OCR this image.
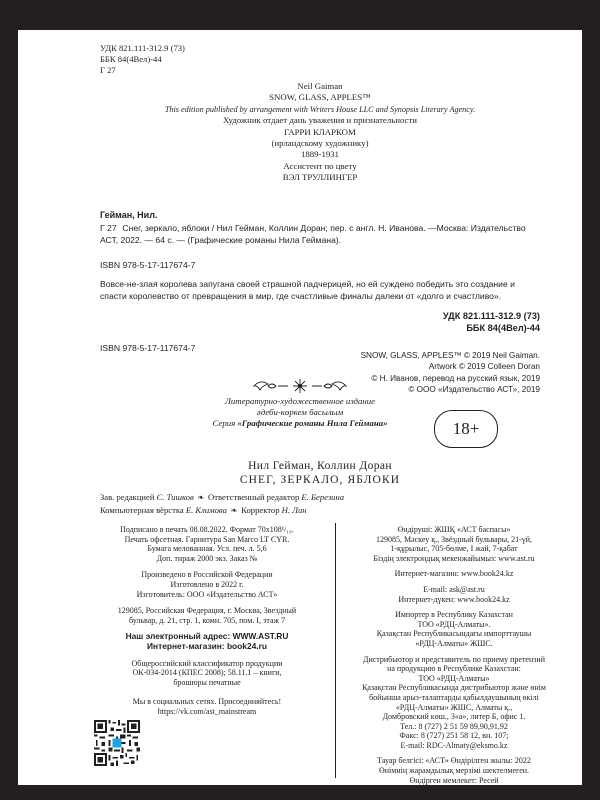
УДК 821.111-312.9 (73)
ББК 84(4Вел)-44
Г 27
Neil Gaiman
SNOW, GLASS, APPLES™
This edition published by arrangement with Writers House LLC and Synopsis Literary Agency.
Художник отдает дань уважения и признательности
ГАРРИ КЛАРКОМ
(ирландскому художнику)
1889-1931
Ассистент по цвету
ВЭЛ ТРУЛЛИНГЕР
Гейман, Нил.
Г 27 Снег, зеркало, яблоки / Нил Гейман, Коллин Доран; пер. с англ. Н. Иванова. —Москва: Издательство АСТ, 2022. — 64 с. — (Графические романы Нила Геймана).
ISBN 978-5-17-117674-7
Вовсе-не-злая королева запугана своей страшной падчерицей, но ей суждено победить это создание и спасти королевство от превращения в мир, где счастливые финалы далеки от «долго и счастливо».
УДК 821.111-312.9 (73)
ББК 84(4Вел)-44
ISBN 978-5-17-117674-7
SNOW, GLASS, APPLES™ © 2019 Neil Gaiman.
Artwork © 2019 Colleen Doran
© Н. Иванов, перевод на русский язык, 2019
© ООО «Издательство АСТ», 2019
Литературно-художественное издание
әдеби-көркем басылым
Серия «Графические романы Нила Геймана»	18+
Нил Гейман, Коллин Доран
СНЕГ, ЗЕРКАЛО, ЯБЛОКИ
Зав. редакцией С. Тишков ❧ Ответственный редактор Е. Березина
Компьютерная вёрстка Е. Климова ❧ Корректор Н. Лин
Подписано в печать 08.08.2022. Формат 70х108¹/₁₆.
Печать офсетная. Гарнитура San Marco LT CYR.
Бумага мелованная. Усл. печ. л. 5,6
Доп. тираж 2000 экз. Заказ №
Произведено в Российской Федерации
Изготовлено в 2022 г.
Изготовитель: ООО «Издательство АСТ»
129085, Российская Федерация, г. Москва, Звездный
бульвар, д. 21, стр. 1, комн. 705, пом. I, этаж 7
Наш электронный адрес: WWW.AST.RU
Интернет-магазин: book24.ru
Общероссийский классификатор продукции
ОК-034-2014 (КПЕС 2008); 58.11.1 – книги,
брошюры печатные
Мы в социальных сетях. Присоединяйтесь!
https://vk.com/ast_mainstream
Өндіруші: ЖШҚ «АСТ баспасы»
129085, Мәскеу қ., Звёздный бульвары, 21-үй,
1-құрылыс, 705-бөлме, I жай, 7-қабат
Біздің электрондық мекенжайымыз: www.ast.ru
Интернет-магазин: www.book24.kz
E-mail: ask@ast.ru
Интернет-дүкен: www.book24.kz
Импортер в Республику Казахстан
ТОО «РДЦ-Алматы».
Қазақстан Республикасындағы импорттаушы
«РДЦ-Алматы» ЖШС.
Дистрибьютор и представитель по приему претензий
на продукцию в Республике Казахстан:
ТОО «РДЦ-Алматы»
Қазақстан Республикасында дистрибьютор және өнім
бойынша арыз-талаптарды қабылдаушының өкілі
«РДЦ-Алматы» ЖШС, Алматы қ.,
Домбровский көш., 3«а», литер Б, офис 1.
Тел.: 8 (727) 2 51 59 89,90,91,92
Факс: 8 (727) 251 58 12, вн. 107;
E-mail: RDC-Almaty@eksmo.kz
Тауар белгісі: «АСТ» Өндірілген жылы: 2022
Өнімнің жарамдылық мерзімі шектелмеген.
Өндірген мемлекет: Ресей
